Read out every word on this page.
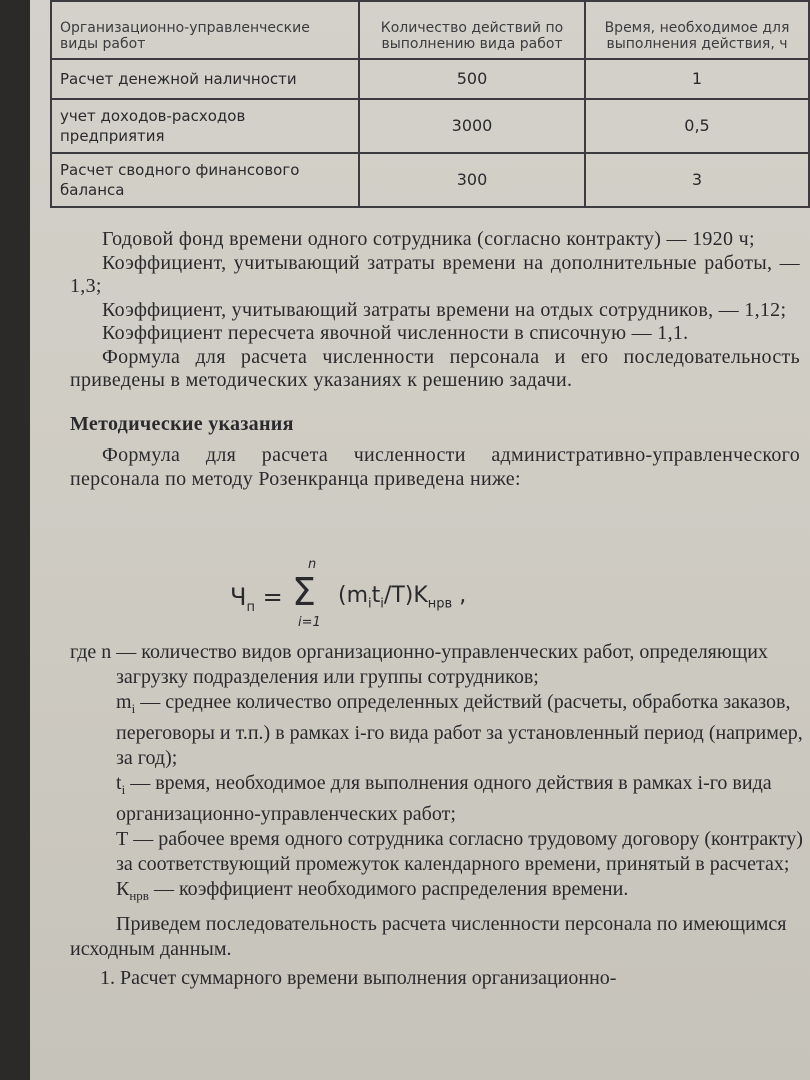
Организационно-управленческие виды работ	Количество действий по выполнению вида работ	Время, необходимое для выполнения действия, ч
Расчет денежной наличности	500	1
учет доходов-расходов предприятия	3000	0,5
Расчет сводного финансового баланса	300	3

Годовой фонд времени одного сотрудника (согласно контракту) — 1920 ч;

Коэффициент, учитывающий затраты времени на дополнительные работы, — 1,3;

Коэффициент, учитывающий затраты времени на отдых сотрудников, — 1,12;

Коэффициент пересчета явочной численности в списочную — 1,1.

Формула для расчета численности персонала и его последовательность приведены в методических указаниях к решению задачи.

Методические указания

Формула для расчета численности административно-управленческого персонала по методу Розенкранца приведена ниже:

$Ч_п$ =
n
Σ
i=1
$(m_it_i/T)K_{нрв}$ ,

где n — количество видов организационно-управленческих работ, определяющих загрузку подразделения или группы сотрудников;

$m_i$ — среднее количество определенных действий (расчеты, обработка заказов, переговоры и т.п.) в рамках i-го вида работ за установленный период (например, за год);

$t_i$ — время, необходимое для выполнения одного действия в рамках i-го вида организационно-управленческих работ;

Т — рабочее время одного сотрудника согласно трудовому договору (контракту) за соответствующий промежуток календарного времени, принятый в расчетах;

$К_{нрв}$ — коэффициент необходимого распределения времени.

Приведем последовательность расчета численности персонала по имеющимся исходным данным.

1. Расчет суммарного времени выполнения организационно-
